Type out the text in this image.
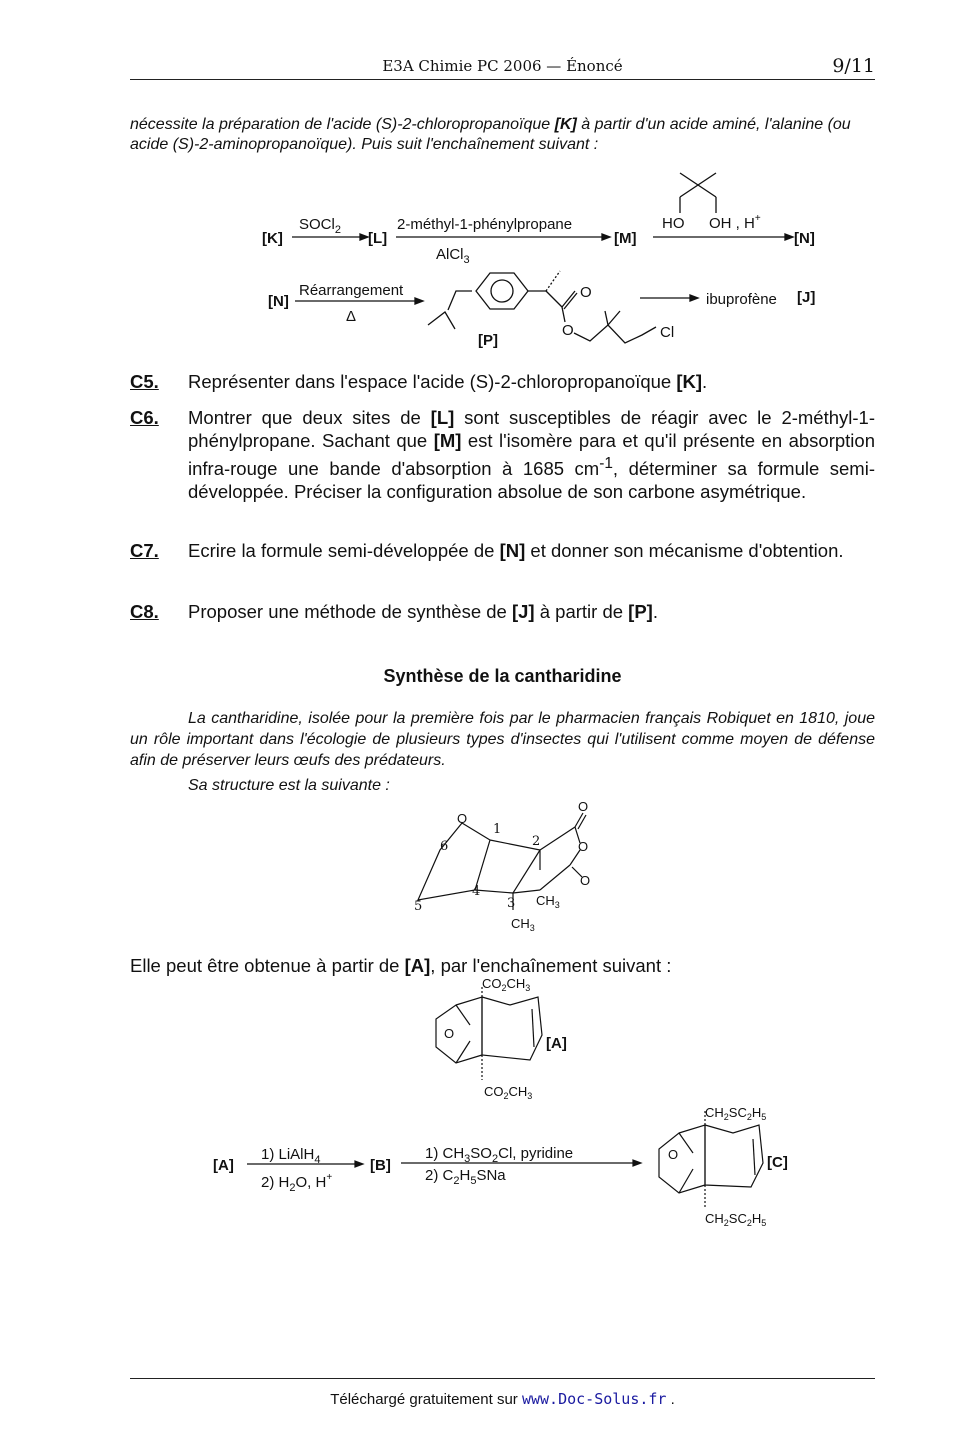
E3A Chimie PC 2006 — Énoncé	9/11
nécessite la préparation de l'acide (S)-2-chloropropanoïque [K] à partir d'un acide aminé, l'alanine (ou acide (S)-2-aminopropanoïque). Puis suit l'enchaînement suivant :
[K]
SOCl$_2$ [L]
2-méthyl-1-phénylpropane
AlCl$_3$
[M]
HO OH , H+
[N]
[N]
Réarrangement
Δ
O
O	Cl
[P]
ibuprofène [J]
C5. Représenter dans l'espace l'acide (S)-2-chloropropanoïque [K].
C6. Montrer que deux sites de [L] sont susceptibles de réagir avec le 2-méthyl-1-phénylpropane. Sachant que [M] est l'isomère para et qu'il présente en absorption infra-rouge une bande d'absorption à 1685 $cm^{-1}$, déterminer sa formule semi-développée. Préciser la configuration absolue de son carbone asymétrique.
C7. Ecrire la formule semi-développée de [N] et donner son mécanisme d'obtention.
C8. Proposer une méthode de synthèse de [J] à partir de [P].
Synthèse de la cantharidine
La cantharidine, isolée pour la première fois par le pharmacien français Robiquet en 1810, joue un rôle important dans l'écologie de plusieurs types d'insectes qui l'utilisent comme moyen de défense afin de préserver leurs œufs des prédateurs.
Sa structure est la suivante :
O
O
O
O
1
2
3
4
5
6
$CH_3$
$CH_3$
Elle peut être obtenue à partir de [A], par l'enchaînement suivant :
O
$CO_2CH_3$
$CO_2CH_3$
[A]
[A]
1) LiAlH$_4$
2) $H_2O$, H+
[B]
1) $CH_3SO_2Cl$, pyridine
2) $C_2H_5SNa$
[C]
O
$CH_2SC_2H_5$
$CH_2SC_2H_5$
Téléchargé gratuitement sur www.Doc-Solus.fr .
